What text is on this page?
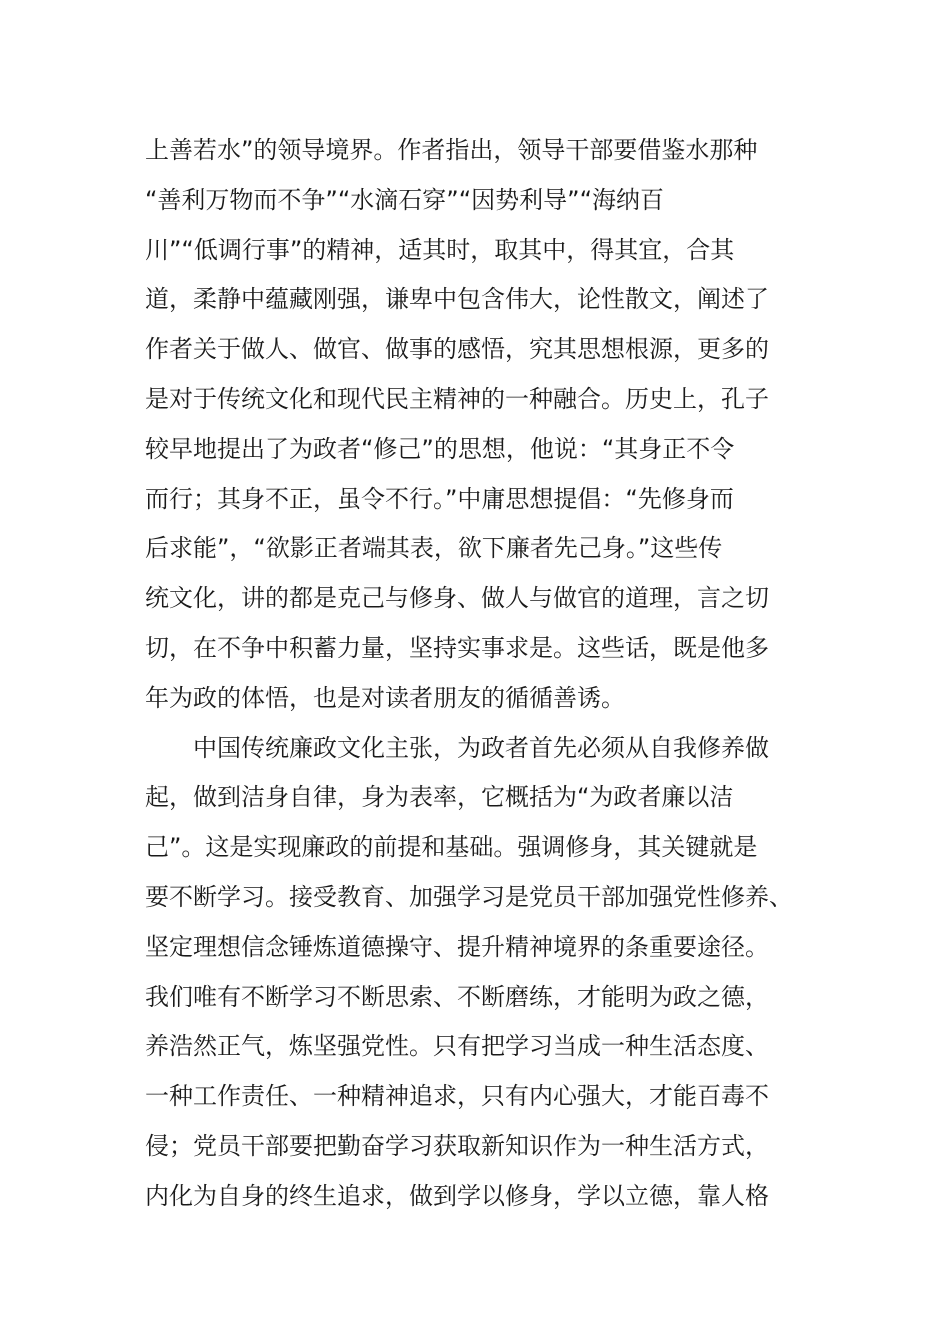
上善若水”的领导境界。作者指出，领导干部要借鉴水那种
“善利万物而不争”“水滴石穿”“因势利导”“海纳百
川”“低调行事”的精神，适其时，取其中，得其宜，合其
道，柔静中蕴藏刚强，谦卑中包含伟大，论性散文，阐述了
作者关于做人、做官、做事的感悟，究其思想根源，更多的
是对于传统文化和现代民主精神的一种融合。历史上，孔子
较早地提出了为政者“修己”的思想，他说：“其身正不令
而行；其身不正，虽令不行。”中庸思想提倡：“先修身而
后求能”，“欲影正者端其表，欲下廉者先己身。”这些传
统文化，讲的都是克己与修身、做人与做官的道理，言之切
切，在不争中积蓄力量，坚持实事求是。这些话，既是他多
年为政的体悟，也是对读者朋友的循循善诱。
　　中国传统廉政文化主张，为政者首先必须从自我修养做
起，做到洁身自律，身为表率，它概括为“为政者廉以洁
己”。这是实现廉政的前提和基础。强调修身，其关键就是
要不断学习。接受教育、加强学习是党员干部加强党性修养、
坚定理想信念锤炼道德操守、提升精神境界的条重要途径。
我们唯有不断学习不断思索、不断磨练，才能明为政之德，
养浩然正气，炼坚强党性。只有把学习当成一种生活态度、
一种工作责任、一种精神追求，只有内心强大，才能百毒不
侵；党员干部要把勤奋学习获取新知识作为一种生活方式，
内化为自身的终生追求，做到学以修身，学以立德，靠人格
